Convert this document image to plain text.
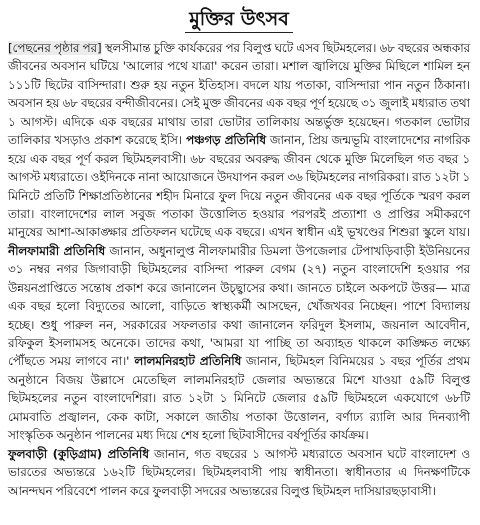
মুক্তির উৎসব
[পেছনের পৃষ্ঠার পর] স্থলসীমান্ত চুক্তি কার্যকরের পর বিলুপ্ত ঘটে এসব ছিটমহলের। ৬৮ বছরের অন্ধকার জীবনের অবসান ঘটিয়ে 'আলোর পথে যাত্রা' করেন তারা। মশাল জ্বালিয়ে মুক্তির মিছিলে শামিল হন ১১১টি ছিটের বাসিন্দারা। শুরু হয় নতুন ইতিহাস। বদলে যায় পতাকা, বাসিন্দারা পান নতুন ঠিকানা। অবসান হয় ৬৮ বছরের বন্দীজীবনের। সেই মুক্ত জীবনের এক বছর পূর্ণ হয়েছে ৩১ জুলাই মধ্যরাত তথা ১ আগস্ট। এদিকে এক বছরের মাথায় তারা ভোটার তালিকায় অন্তর্ভুক্ত হয়েছেন। গতকাল ভোটার তালিকার খসড়াও প্রকাশ করেছে ইসি। পঞ্চগড় প্রতিনিধি জানান, প্রিয় জন্মভূমি বাংলাদেশের নাগরিক হয়ে এক বছর পূর্ণ করল ছিটমহলবাসী। ৬৮ বছরের অবরুদ্ধ জীবন থেকে মুক্তি মিলেছিল গত বছর ১ আগস্ট মধ্যরাতে। ওইদিনকে নানা আয়োজনে উদযাপন করল ৩৬ ছিটমহলের নাগরিকরা। রাত ১২টা ১ মিনিটে প্রতিটি শিক্ষাপ্রতিষ্ঠানের শহীদ মিনারে ফুল দিয়ে নতুন জীবনের এক বছর পূর্তিকে স্মরণ করল তারা। বাংলাদেশের লাল সবুজ পতাকা উত্তোলিত হওয়ার পরপরই প্রত্যাশা ও প্রাপ্তির সমীকরণে মানুষের আশা-আকাঙ্ক্ষার প্রতিফলন ঘটেছে এক বছরে। এখন স্বাধীন এই ভূখণ্ডের শিশুরা স্কুলে যায়। নীলফামারী প্রতিনিধি জানান, অধুনালুপ্ত নীলফামারীর ডিমলা উপজেলার টেপাখড়িবাড়ী ইউনিয়নের ৩১ নম্বর নগর জিগাবাড়ী ছিটমহলের বাসিন্দা পারুল বেগম (২৭) নতুন বাংলাদেশি হওয়ার পর উন্নয়নপ্রাপ্তিতে সন্তোষ প্রকাশ করে জানালেন উচ্ছ্বাসের কথা। জানতে চাইলে অকপটে উত্তর— মাত্র এক বছর হলো বিদ্যুতের আলো, বাড়িতে স্বাস্থ্যকর্মী আসছেন, খোঁজখবর নিচ্ছেন। পাশে বিদ্যালয় হচ্ছে। শুধু পারুল নন, সরকারের সফলতার কথা জানালেন ফরিদুল ইসলাম, জয়নাল আবেদীন, রফিকুল ইসলামসহ অনেকে। তাদের কথা, 'আমরা যা পাচ্ছি তা অব্যাহত থাকলে কাঙ্ক্ষিত লক্ষ্যে পৌঁছতে সময় লাগবে না।' লালমনিরহাট প্রতিনিধি জানান, ছিটমহল বিনিময়ের ১ বছর পূর্তির প্রথম অনুষ্ঠানে বিজয় উল্লাসে মেতেছিল লালমনিরহাট জেলার অভ্যন্তরে মিশে যাওয়া ৫৯টি বিলুপ্ত ছিটমহলের নতুন বাংলাদেশিরা। রাত ১২টা ১ মিনিটে জেলার ৫৯টি ছিটমহলে একযোগে ৬৮টি মোমবাতি প্রজ্বালন, কেক কাটা, সকালে জাতীয় পতাকা উত্তোলন, বর্ণাঢ্য র‍্যালি আর দিনব্যাপী সাংস্কৃতিক অনুষ্ঠান পালনের মধ্য দিয়ে শেষ হলো ছিটবাসীদের বর্ষপূর্তির কার্যক্রম।
ফুলবাড়ী (কুড়িগ্রাম) প্রতিনিধি জানান, গত বছরের ১ আগস্ট মধ্যরাতে অবসান ঘটে বাংলাদেশ ও ভারতের অভ্যন্তরে ১৬২টি ছিটমহলের। ছিটমহলবাসী পায় স্বাধীনতা। স্বাধীনতার এ দিনক্ষণটিকে আনন্দঘন পরিবেশে পালন করে ফুলবাড়ী সদরের অভ্যন্তরের বিলুপ্ত ছিটমহল দাসিয়ারছড়াবাসী।
